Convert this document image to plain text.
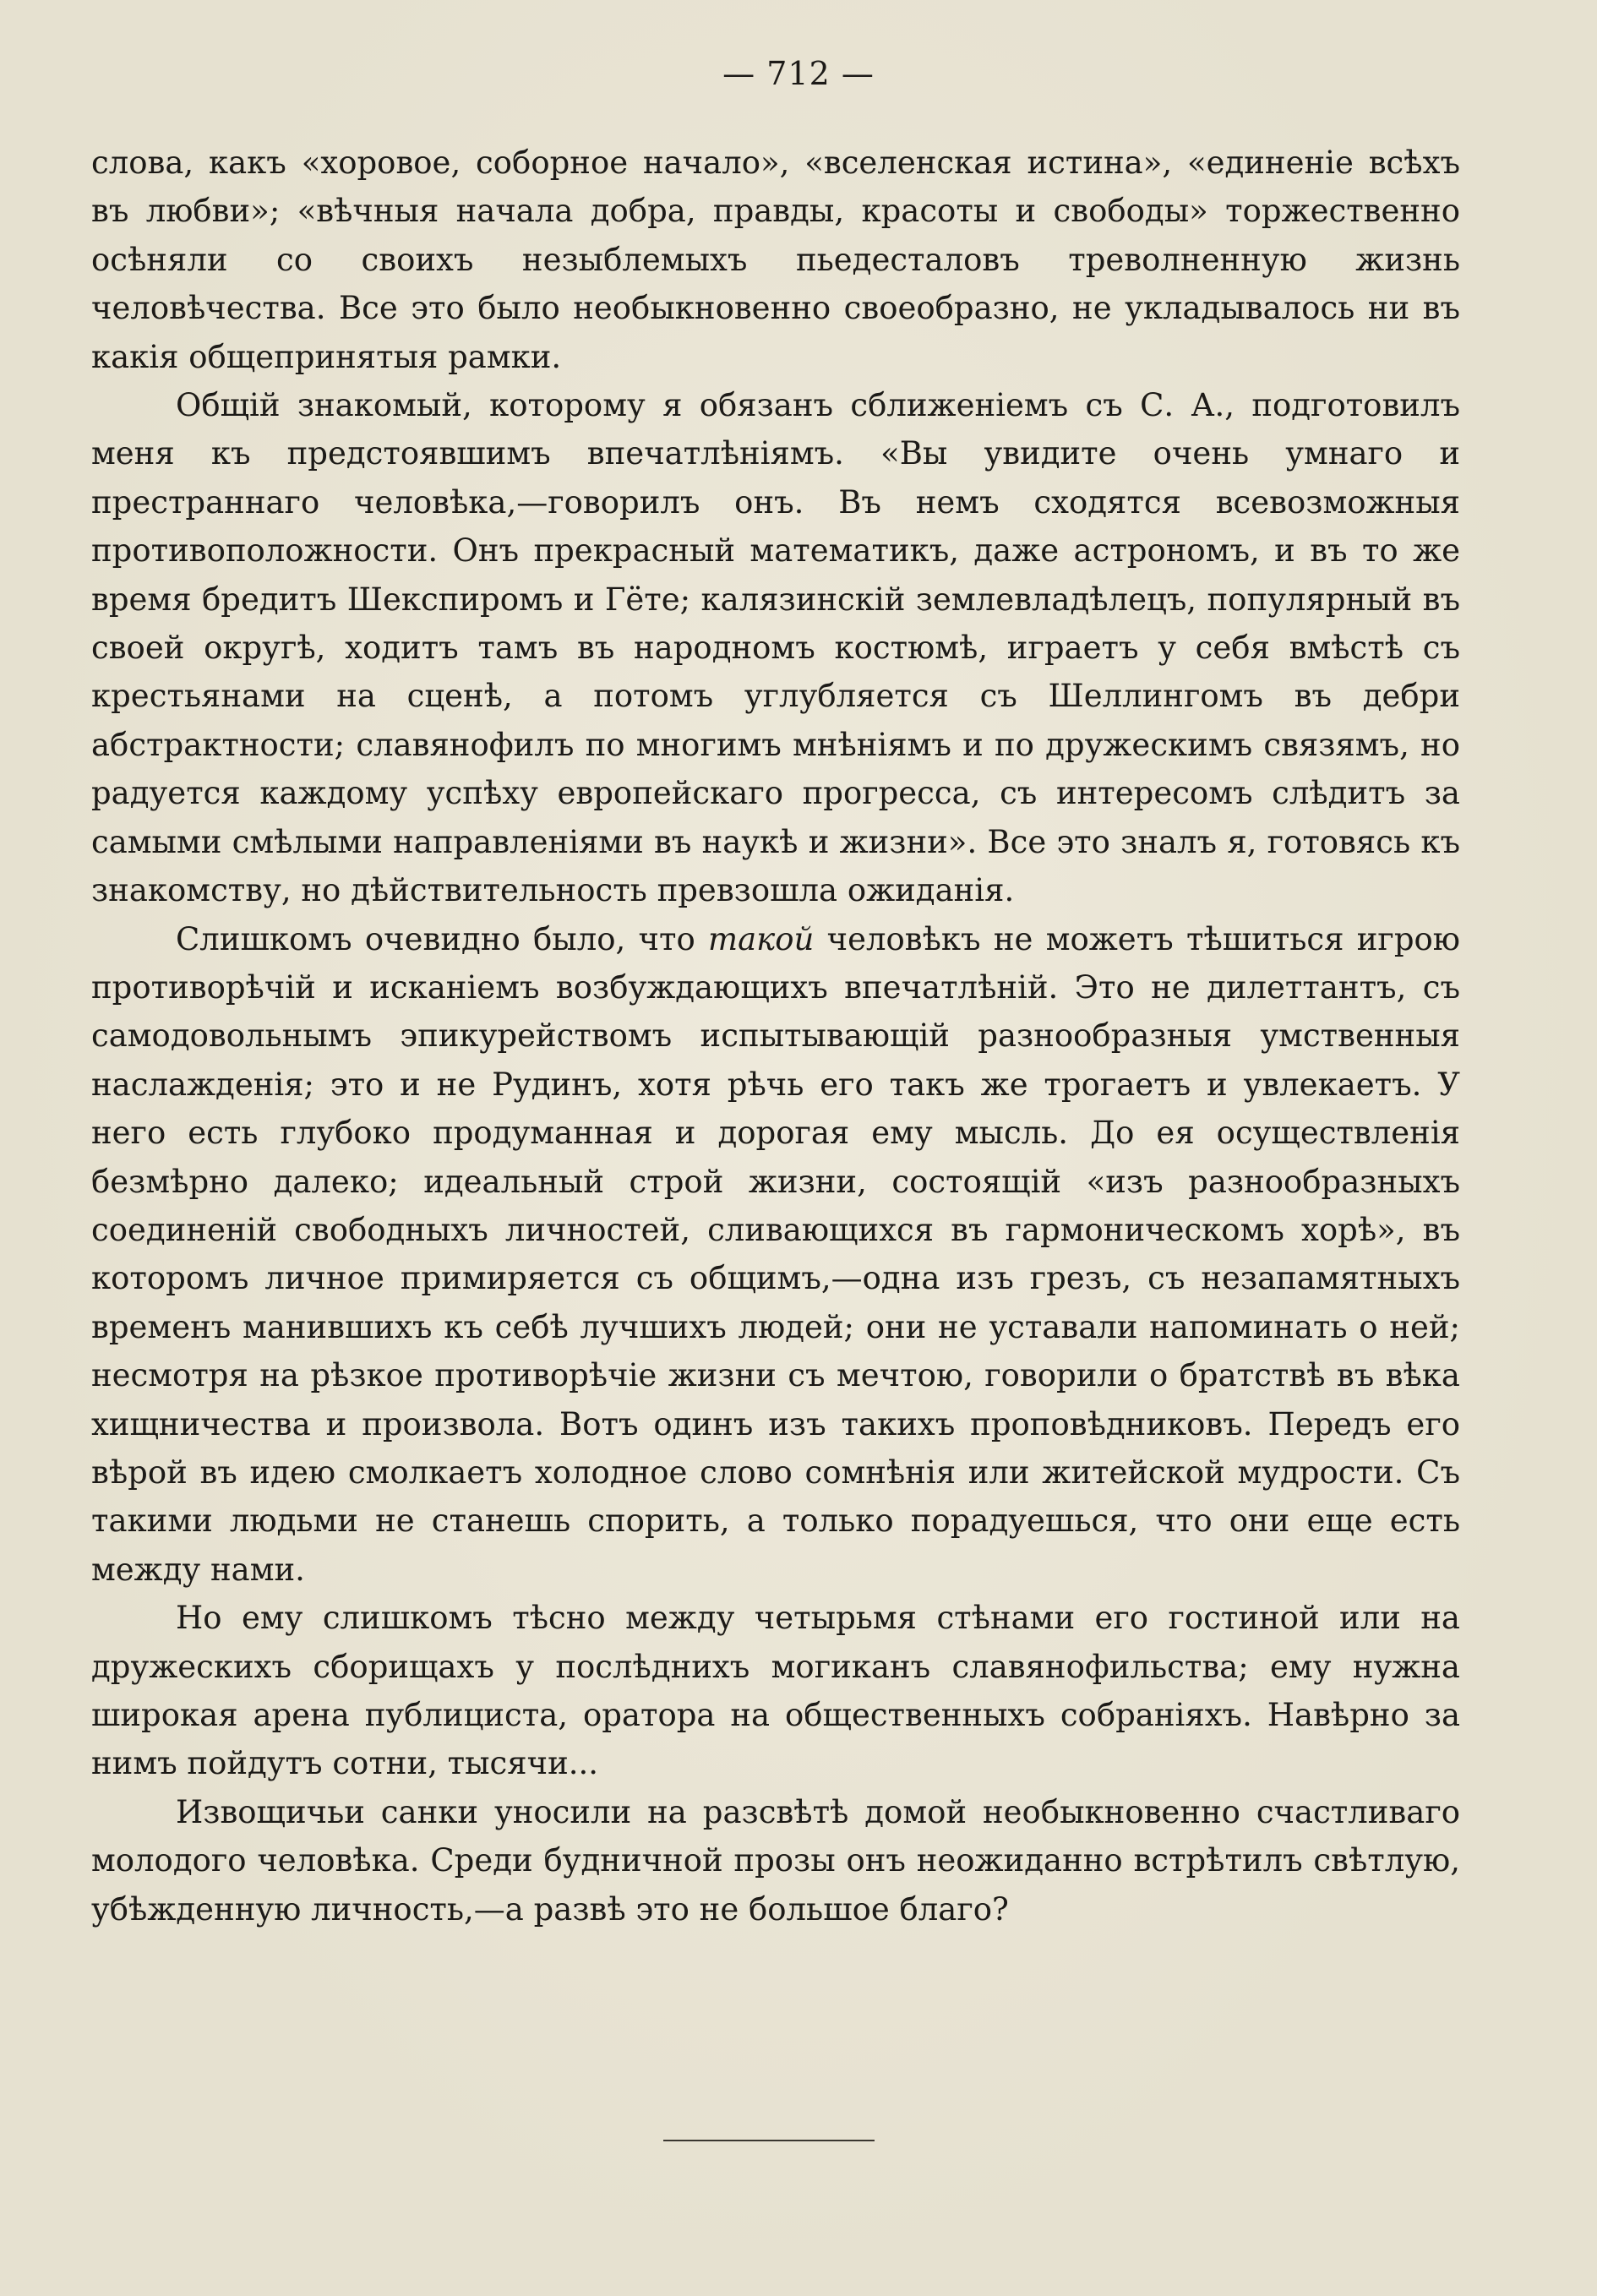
— 712 —

слова, какъ «хоровое, соборное начало», «вселенская истина», «единеніе всѣхъ въ любви»; «вѣчныя начала добра, правды, красоты и свободы» торжественно осѣняли со своихъ незыблемыхъ пьедесталовъ треволненную жизнь человѣчества. Все это было необыкновенно своеобразно, не укладывалось ни въ какія общепринятыя рамки.

Общій знакомый, которому я обязанъ сближеніемъ съ С. А., подготовилъ меня къ предстоявшимъ впечатлѣніямъ. «Вы увидите очень умнаго и престраннаго человѣка,—говорилъ онъ. Въ немъ сходятся всевозможныя противоположности. Онъ прекрасный математикъ, даже астрономъ, и въ то же время бредитъ Шекспиромъ и Гёте; калязинскій землевладѣлецъ, популярный въ своей округѣ, ходитъ тамъ въ народномъ костюмѣ, играетъ у себя вмѣстѣ съ крестьянами на сценѣ, а потомъ углубляется съ Шеллингомъ въ дебри абстрактности; славянофилъ по многимъ мнѣніямъ и по дружескимъ связямъ, но радуется каждому успѣху европейскаго прогресса, съ интересомъ слѣдитъ за самыми смѣлыми направленіями въ наукѣ и жизни». Все это зналъ я, готовясь къ знакомству, но дѣйствительность превзошла ожиданія.

Слишкомъ очевидно было, что такой человѣкъ не можетъ тѣшиться игрою противорѣчій и исканіемъ возбуждающихъ впечатлѣній. Это не дилеттантъ, съ самодовольнымъ эпикурействомъ испытывающій разнообразныя умственныя наслажденія; это и не Рудинъ, хотя рѣчь его такъ же трогаетъ и увлекаетъ. У него есть глубоко продуманная и дорогая ему мысль. До ея осуществленія безмѣрно далеко; идеальный строй жизни, состоящій «изъ разнообразныхъ соединеній свободныхъ личностей, сливающихся въ гармоническомъ хорѣ», въ которомъ личное примиряется съ общимъ,—одна изъ грезъ, съ незапамятныхъ временъ манившихъ къ себѣ лучшихъ людей; они не уставали напоминать о ней; несмотря на рѣзкое противорѣчіе жизни съ мечтою, говорили о братствѣ въ вѣка хищничества и произвола. Вотъ одинъ изъ такихъ проповѣдниковъ. Передъ его вѣрой въ идею смолкаетъ холодное слово сомнѣнія или житейской мудрости. Съ такими людьми не станешь спорить, а только порадуешься, что они еще есть между нами.

Но ему слишкомъ тѣсно между четырьмя стѣнами его гостиной или на дружескихъ сборищахъ у послѣднихъ могиканъ славянофильства; ему нужна широкая арена публициста, оратора на общественныхъ собраніяхъ. Навѣрно за нимъ пойдутъ сотни, тысячи...

Извощичьи санки уносили на разсвѣтѣ домой необыкновенно счастливаго молодого человѣка. Среди будничной прозы онъ неожиданно встрѣтилъ свѣтлую, убѣжденную личность,—а развѣ это не большое благо?
